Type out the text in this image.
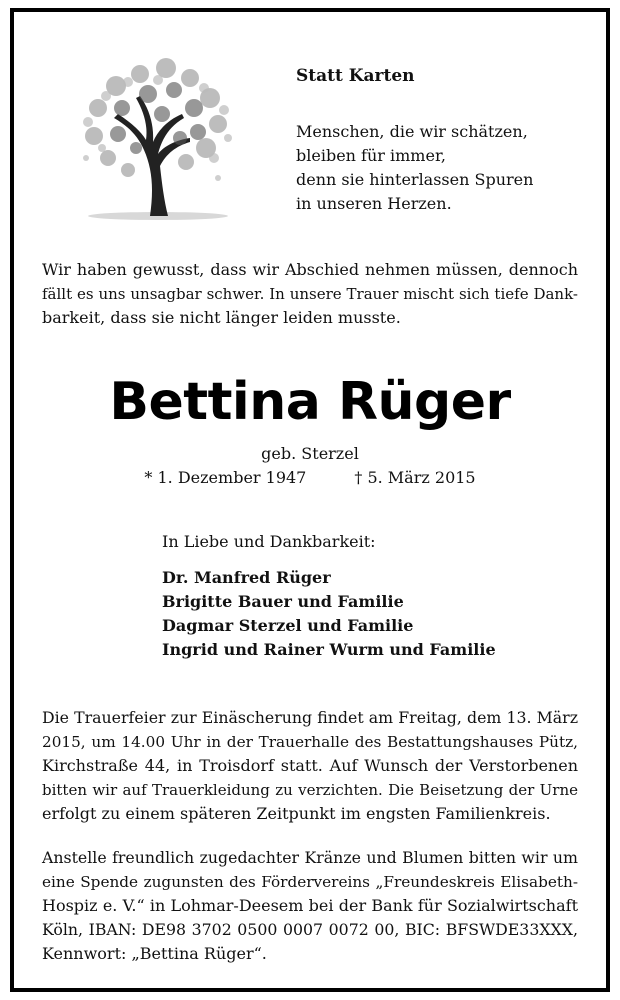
Statt Karten
Menschen, die wir schätzen,
bleiben für immer,
denn sie hinterlassen Spuren
in unseren Herzen.
Wir haben gewusst, dass wir Abschied nehmen müssen, dennoch
fällt es uns unsagbar schwer. In unsere Trauer mischt sich tiefe Dank-
barkeit, dass sie nicht länger leiden musste.
Bettina Rüger
geb. Sterzel
* 1. Dezember 1947	† 5. März 2015
In Liebe und Dankbarkeit:
Dr. Manfred Rüger
Brigitte Bauer und Familie
Dagmar Sterzel und Familie
Ingrid und Rainer Wurm und Familie
Die Trauerfeier zur Einäscherung findet am Freitag, dem 13. März
2015, um 14.00 Uhr in der Trauerhalle des Bestattungshauses Pütz,
Kirchstraße 44, in Troisdorf statt. Auf Wunsch der Verstorbenen
bitten wir auf Trauerkleidung zu verzichten. Die Beisetzung der Urne
erfolgt zu einem späteren Zeitpunkt im engsten Familienkreis.
Anstelle freundlich zugedachter Kränze und Blumen bitten wir um
eine Spende zugunsten des Fördervereins „Freundeskreis Elisabeth-
Hospiz e. V.“ in Lohmar-Deesem bei der Bank für Sozialwirtschaft
Köln, IBAN: DE98 3702 0500 0007 0072 00, BIC: BFSWDE33XXX,
Kennwort: „Bettina Rüger“.
